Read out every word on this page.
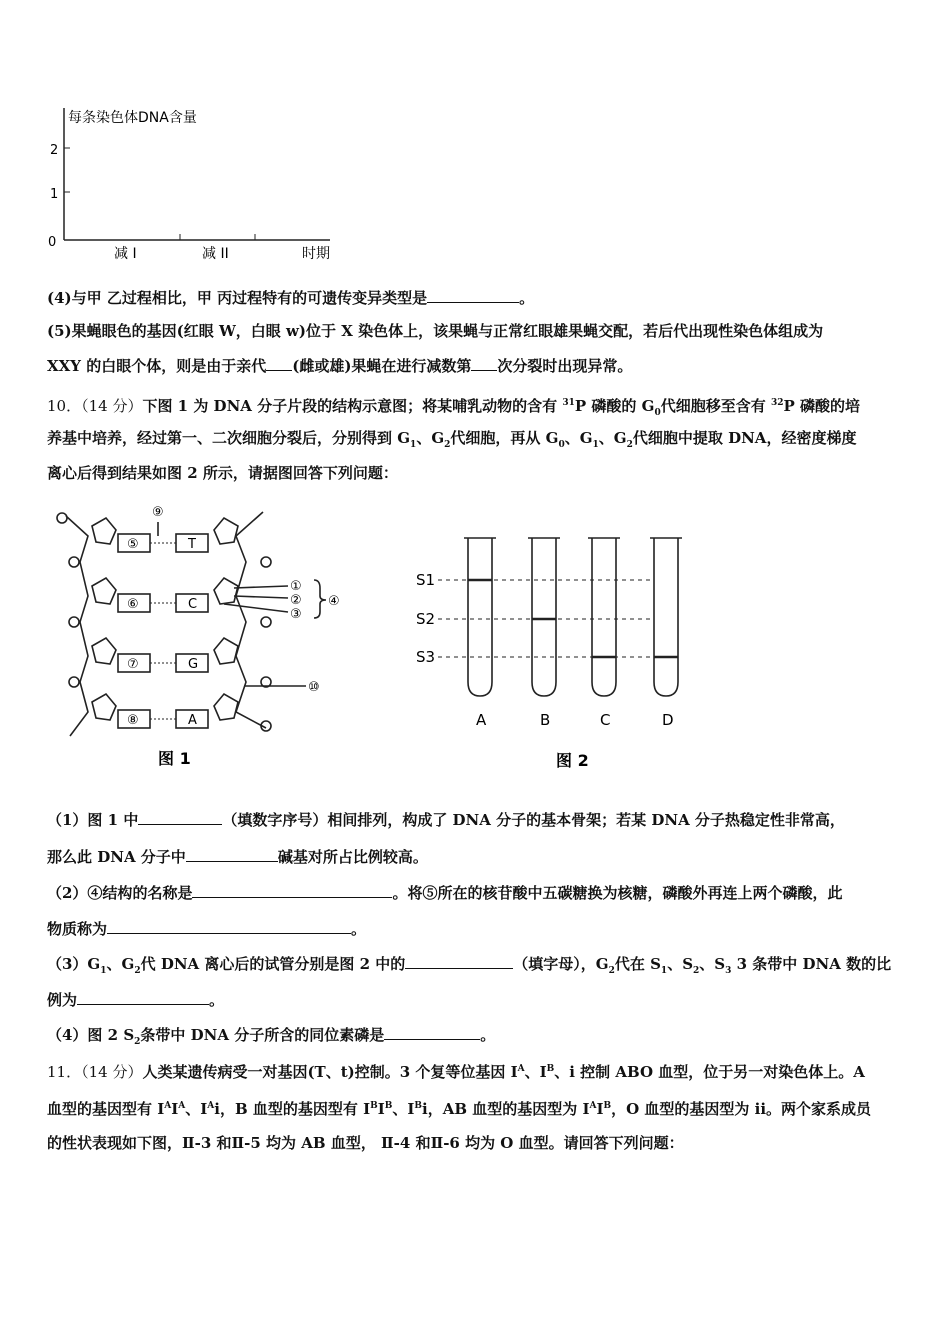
每条染色体DNA含量
2
1
0
减 I	减 II	时期
(4)与甲 乙过程相比，甲 丙过程特有的可遗传变异类型是	。
(5)果蝇眼色的基因(红眼 W，白眼 w)位于 X 染色体上，该果蝇与正常红眼雄果蝇交配，若后代出现性染色体组成为
XXY 的白眼个体，则是由于亲代 (雌或雄)果蝇在进行减数第 次分裂时出现异常。
10．（14 分）下图 1 为 DNA 分子片段的结构示意图；将某哺乳动物的含有 $^{31}$P 磷酸的 $G_0$代细胞移至含有 $^{32}$P 磷酸的培
养基中培养，经过第一、二次细胞分裂后，分别得到 $G_1$、$G_2$代细胞，再从 $G_0$、$G_1$、$G_2$代细胞中提取 DNA，经密度梯度
离心后得到结果如图 2 所示，请据图回答下列问题：
⑨
⑤
⑥
⑦
⑧
T
C
G
A
①
②
③
④
⑩
图 1
S1
S2
S3
A	B	C	D
图 2
（1）图 1 中	（填数字序号）相间排列，构成了 DNA 分子的基本骨架；若某 DNA 分子热稳定性非常高，
那么此 DNA 分子中	碱基对所占比例较高。
（2）④结构的名称是	。将⑤所在的核苷酸中五碳糖换为核糖，磷酸外再连上两个磷酸，此
物质称为	。
$(3)G_1$、$G_2$代 DNA 离心后的试管分别是图 2 中的	（填字母），$G_2$代在 $S_1$、$S_2$、$S_3$ 3 条带中 DNA 数的比
例为	。
（4）图 2 $S_2$条带中 DNA 分子所含的同位素磷是	。
11．（14 分）人类某遗传病受一对基因(T、t)控制。3 个复等位基因 $I^A$、$I^B$、i 控制 ABO 血型，位于另一对染色体上。A
血型的基因型有 $I^AI^A$、$I^Ai$，B 血型的基因型有 $I^BI^B$、$I^Bi$，AB 血型的基因型为 $I^AI^B$，O 血型的基因型为 ii。两个家系成员
的性状表现如下图，Ⅱ-3 和Ⅱ-5 均为 AB 血型， Ⅱ-4 和Ⅱ-6 均为 O 血型。请回答下列问题：
